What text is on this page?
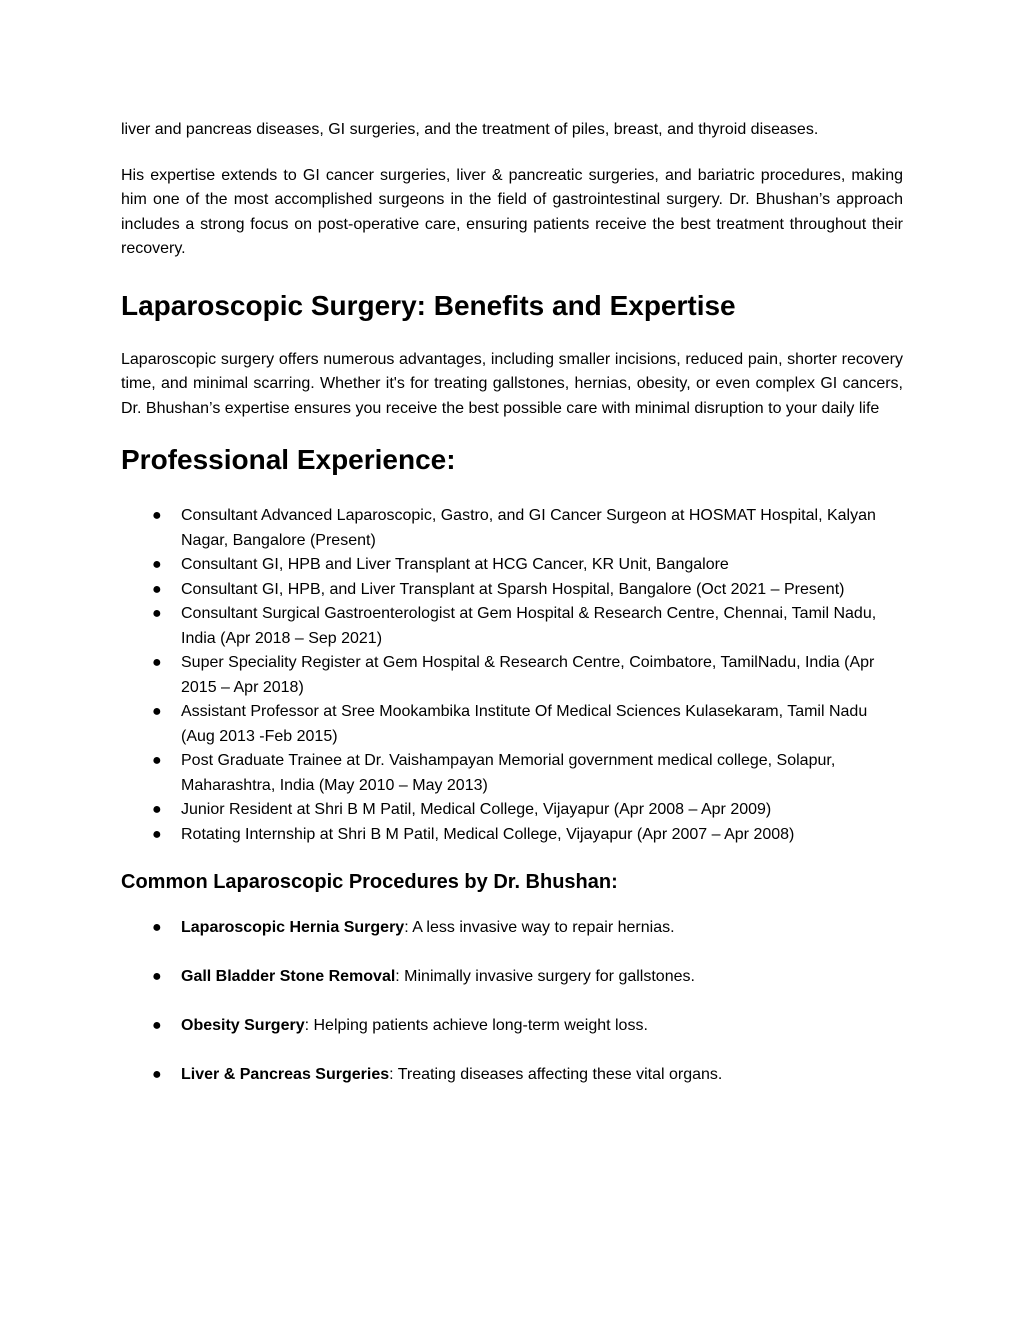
liver and pancreas diseases, GI surgeries, and the treatment of piles, breast, and thyroid diseases.

His expertise extends to GI cancer surgeries, liver & pancreatic surgeries, and bariatric procedures, making him one of the most accomplished surgeons in the field of gastrointestinal surgery. Dr. Bhushan’s approach includes a strong focus on post-operative care, ensuring patients receive the best treatment throughout their recovery.

Laparoscopic Surgery: Benefits and Expertise

Laparoscopic surgery offers numerous advantages, including smaller incisions, reduced pain, shorter recovery time, and minimal scarring. Whether it's for treating gallstones, hernias, obesity, or even complex GI cancers, Dr. Bhushan’s expertise ensures you receive the best possible care with minimal disruption to your daily life

Professional Experience:
● Consultant Advanced Laparoscopic, Gastro, and GI Cancer Surgeon at HOSMAT Hospital, Kalyan Nagar, Bangalore (Present)
● Consultant GI, HPB and Liver Transplant at HCG Cancer, KR Unit, Bangalore
● Consultant GI, HPB, and Liver Transplant at Sparsh Hospital, Bangalore (Oct 2021 – Present)
● Consultant Surgical Gastroenterologist at Gem Hospital & Research Centre, Chennai, Tamil Nadu, India (Apr 2018 – Sep 2021)
● Super Speciality Register at Gem Hospital & Research Centre, Coimbatore, TamilNadu, India (Apr 2015 – Apr 2018)
● Assistant Professor at Sree Mookambika Institute Of Medical Sciences Kulasekaram, Tamil Nadu (Aug 2013 -Feb 2015)
● Post Graduate Trainee at Dr. Vaishampayan Memorial government medical college, Solapur, Maharashtra, India (May 2010 – May 2013)
● Junior Resident at Shri B M Patil, Medical College, Vijayapur (Apr 2008 – Apr 2009)
● Rotating Internship at Shri B M Patil, Medical College, Vijayapur (Apr 2007 – Apr 2008)
Common Laparoscopic Procedures by Dr. Bhushan:
● Laparoscopic Hernia Surgery: A less invasive way to repair hernias.
● Gall Bladder Stone Removal: Minimally invasive surgery for gallstones.
● Obesity Surgery: Helping patients achieve long-term weight loss.
● Liver & Pancreas Surgeries: Treating diseases affecting these vital organs.
